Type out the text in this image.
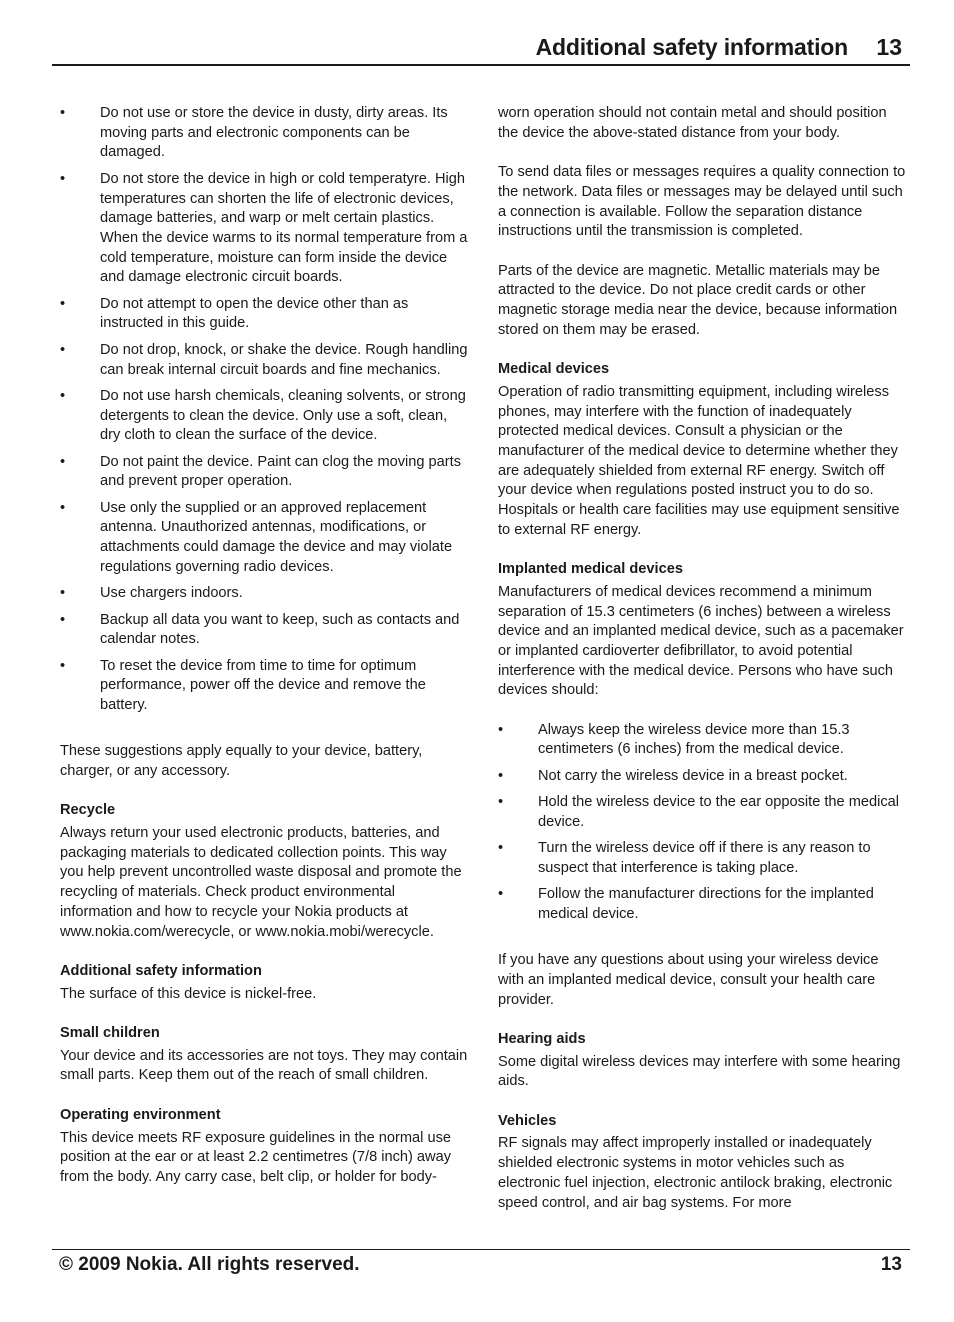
Additional safety information 13
•	Do not use or store the device in dusty, dirty areas. Its moving parts and electronic components can be damaged.
•	Do not store the device in high or cold temperatyre. High temperatures can shorten the life of electronic devices, damage batteries, and warp or melt certain plastics. When the device warms to its normal temperature from a cold temperature, moisture can form inside the device and damage electronic circuit boards.
•	Do not attempt to open the device other than as instructed in this guide.
•	Do not drop, knock, or shake the device. Rough handling can break internal circuit boards and fine mechanics.
•	Do not use harsh chemicals, cleaning solvents, or strong detergents to clean the device. Only use a soft, clean, dry cloth to clean the surface of the device.
•	Do not paint the device. Paint can clog the moving parts and prevent proper operation.
•	Use only the supplied or an approved replacement antenna. Unauthorized antennas, modifications, or attachments could damage the device and may violate regulations governing radio devices.
•	Use chargers indoors.
•	Backup all data you want to keep, such as contacts and calendar notes.
•	To reset the device from time to time for optimum performance, power off the device and remove the battery.

These suggestions apply equally to your device, battery, charger, or any accessory.

Recycle

Always return your used electronic products, batteries, and packaging materials to dedicated collection points. This way you help prevent uncontrolled waste disposal and promote the recycling of materials. Check product environmental information and how to recycle your Nokia products at www.nokia.com/werecycle, or www.nokia.mobi/werecycle.

Additional safety information

The surface of this device is nickel-free.

Small children

Your device and its accessories are not toys. They may contain small parts. Keep them out of the reach of small children.

Operating environment

This device meets RF exposure guidelines in the normal use position at the ear or at least 2.2 centimetres (7/8 inch) away from the body. Any carry case, belt clip, or holder for body-

worn operation should not contain metal and should position the device the above-stated distance from your body.

To send data files or messages requires a quality connection to the network. Data files or messages may be delayed until such a connection is available. Follow the separation distance instructions until the transmission is completed.

Parts of the device are magnetic. Metallic materials may be attracted to the device. Do not place credit cards or other magnetic storage media near the device, because information stored on them may be erased.

Medical devices

Operation of radio transmitting equipment, including wireless phones, may interfere with the function of inadequately protected medical devices. Consult a physician or the manufacturer of the medical device to determine whether they are adequately shielded from external RF energy. Switch off your device when regulations posted instruct you to do so. Hospitals or health care facilities may use equipment sensitive to external RF energy.

Implanted medical devices

Manufacturers of medical devices recommend a minimum separation of 15.3 centimeters (6 inches) between a wireless device and an implanted medical device, such as a pacemaker or implanted cardioverter defibrillator, to avoid potential interference with the medical device. Persons who have such devices should:

•	Always keep the wireless device more than 15.3 centimeters (6 inches) from the medical device.
•	Not carry the wireless device in a breast pocket.
•	Hold the wireless device to the ear opposite the medical device.
•	Turn the wireless device off if there is any reason to suspect that interference is taking place.
•	Follow the manufacturer directions for the implanted medical device.

If you have any questions about using your wireless device with an implanted medical device, consult your health care provider.

Hearing aids

Some digital wireless devices may interfere with some hearing aids.

Vehicles

RF signals may affect improperly installed or inadequately shielded electronic systems in motor vehicles such as electronic fuel injection, electronic antilock braking, electronic speed control, and air bag systems. For more

© 2009 Nokia. All rights reserved.	13
